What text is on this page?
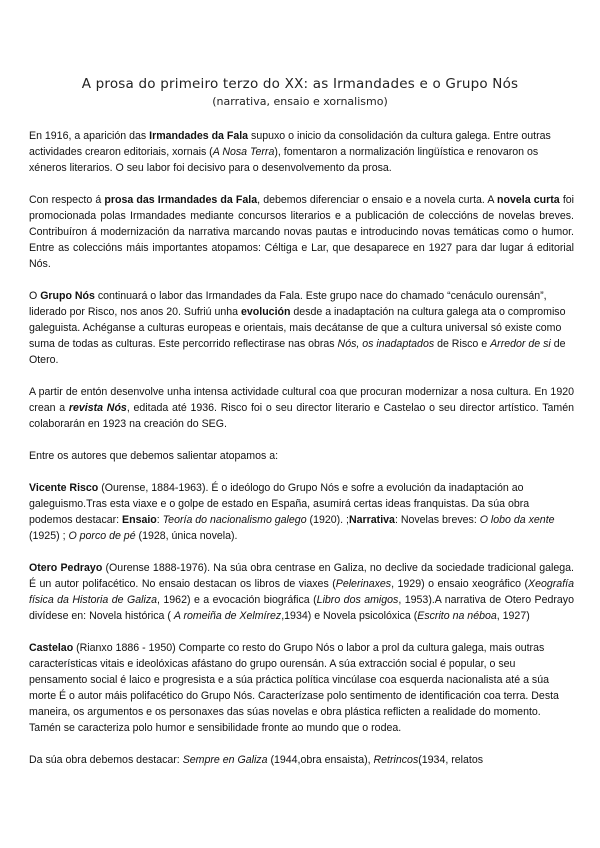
A prosa do primeiro terzo do XX: as Irmandades e o Grupo Nós
(narrativa, ensaio e xornalismo)

En 1916, a aparición das Irmandades da Fala supuxo o inicio da consolidación da cultura galega. Entre outras actividades crearon editoriais, xornais (A Nosa Terra), fomentaron a normalización lingüística e renovaron os xéneros literarios. O seu labor foi decisivo para o desenvolvemento da prosa.

Con respecto á prosa das Irmandades da Fala, debemos diferenciar o ensaio e a novela curta. A novela curta foi promocionada polas Irmandades mediante concursos literarios e a publicación de coleccións de novelas breves. Contribuíron á modernización da narrativa marcando novas pautas e introducindo novas temáticas como o humor. Entre as coleccións máis importantes atopamos: Céltiga e Lar, que desaparece en 1927 para dar lugar á editorial Nós.

O Grupo Nós continuará o labor das Irmandades da Fala. Este grupo nace do chamado “cenáculo ourensán”, liderado por Risco, nos anos 20. Sufriú unha evolución desde a inadaptación na cultura galega ata o compromiso galeguista. Achéganse a culturas europeas e orientais, mais decátanse de que a cultura universal só existe como suma de todas as culturas. Este percorrido reflectirase nas obras Nós, os inadaptados de Risco e Arredor de si de Otero.

A partir de entón desenvolve unha intensa actividade cultural coa que procuran modernizar a nosa cultura. En 1920 crean a revista Nós, editada até 1936. Risco foi o seu director literario e Castelao o seu director artístico. Tamén colaborarán en 1923 na creación do SEG.

Entre os autores que debemos salientar atopamos a:

Vicente Risco (Ourense, 1884-1963). É o ideólogo do Grupo Nós e sofre a evolución da inadaptación ao galeguismo.Tras esta viaxe e o golpe de estado en España, asumirá certas ideas franquistas. Da súa obra podemos destacar: Ensaio: Teoría do nacionalismo galego (1920). ;Narrativa: Novelas breves: O lobo da xente (1925) ; O porco de pé (1928, única novela).

Otero Pedrayo (Ourense 1888-1976). Na súa obra centrase en Galiza, no declive da sociedade tradicional galega. É un autor polifacético. No ensaio destacan os libros de viaxes (Pelerinaxes, 1929) o ensaio xeográfico (Xeografía física da Historia de Galiza, 1962) e a evocación biográfica (Libro dos amigos, 1953).A narrativa de Otero Pedrayo divídese en: Novela histórica ( A romeiña de Xelmírez,1934) e Novela psicolóxica (Escrito na néboa, 1927)

Castelao (Rianxo 1886 - 1950) Comparte co resto do Grupo Nós o labor a prol da cultura galega, mais outras características vitais e ideolóxicas afástano do grupo ourensán. A súa extracción social é popular, o seu pensamento social é laico e progresista e a súa práctica política vincúlase coa esquerda nacionalista até a súa morte É o autor máis polifacético do Grupo Nós. Caracterízase polo sentimento de identificación coa terra. Desta maneira, os argumentos e os personaxes das súas novelas e obra plástica reflicten a realidade do momento. Tamén se caracteriza polo humor e sensibilidade fronte ao mundo que o rodea.

Da súa obra debemos destacar: Sempre en Galiza (1944,obra ensaista), Retrincos(1934, relatos
